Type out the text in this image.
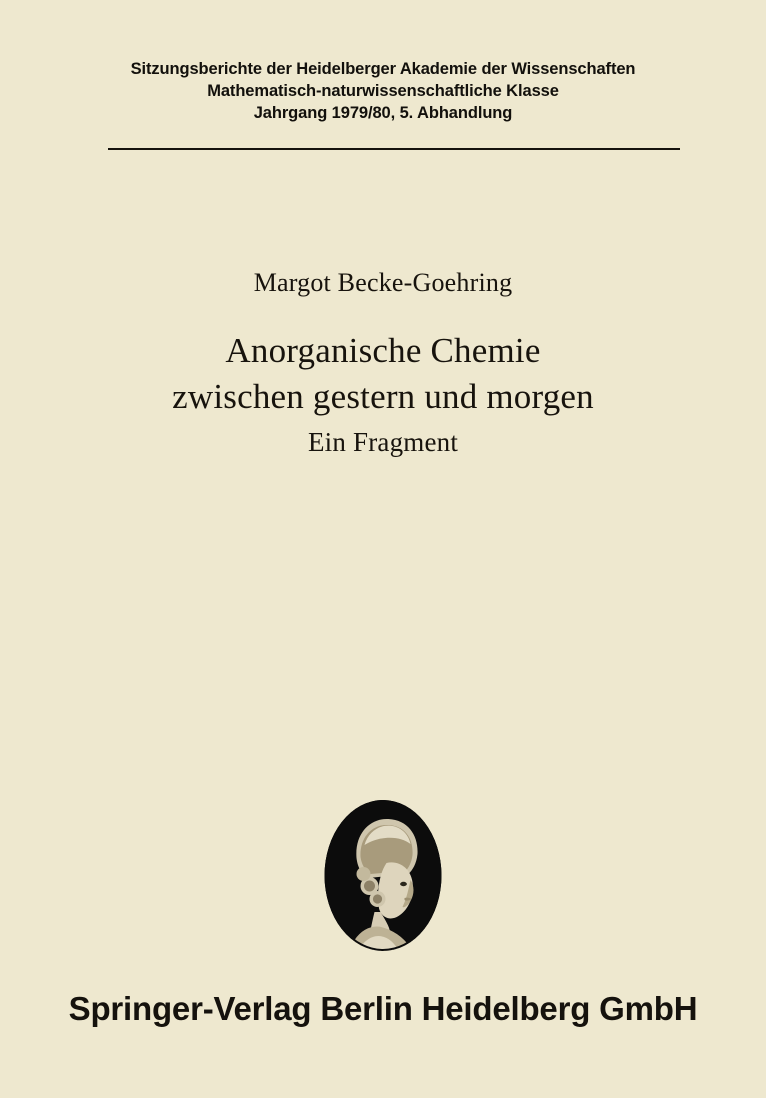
Sitzungsberichte der Heidelberger Akademie der Wissenschaften
Mathematisch-naturwissenschaftliche Klasse
Jahrgang 1979/80, 5. Abhandlung
Margot Becke-Goehring
Anorganische Chemie
zwischen gestern und morgen
Ein Fragment
Springer-Verlag Berlin Heidelberg GmbH
